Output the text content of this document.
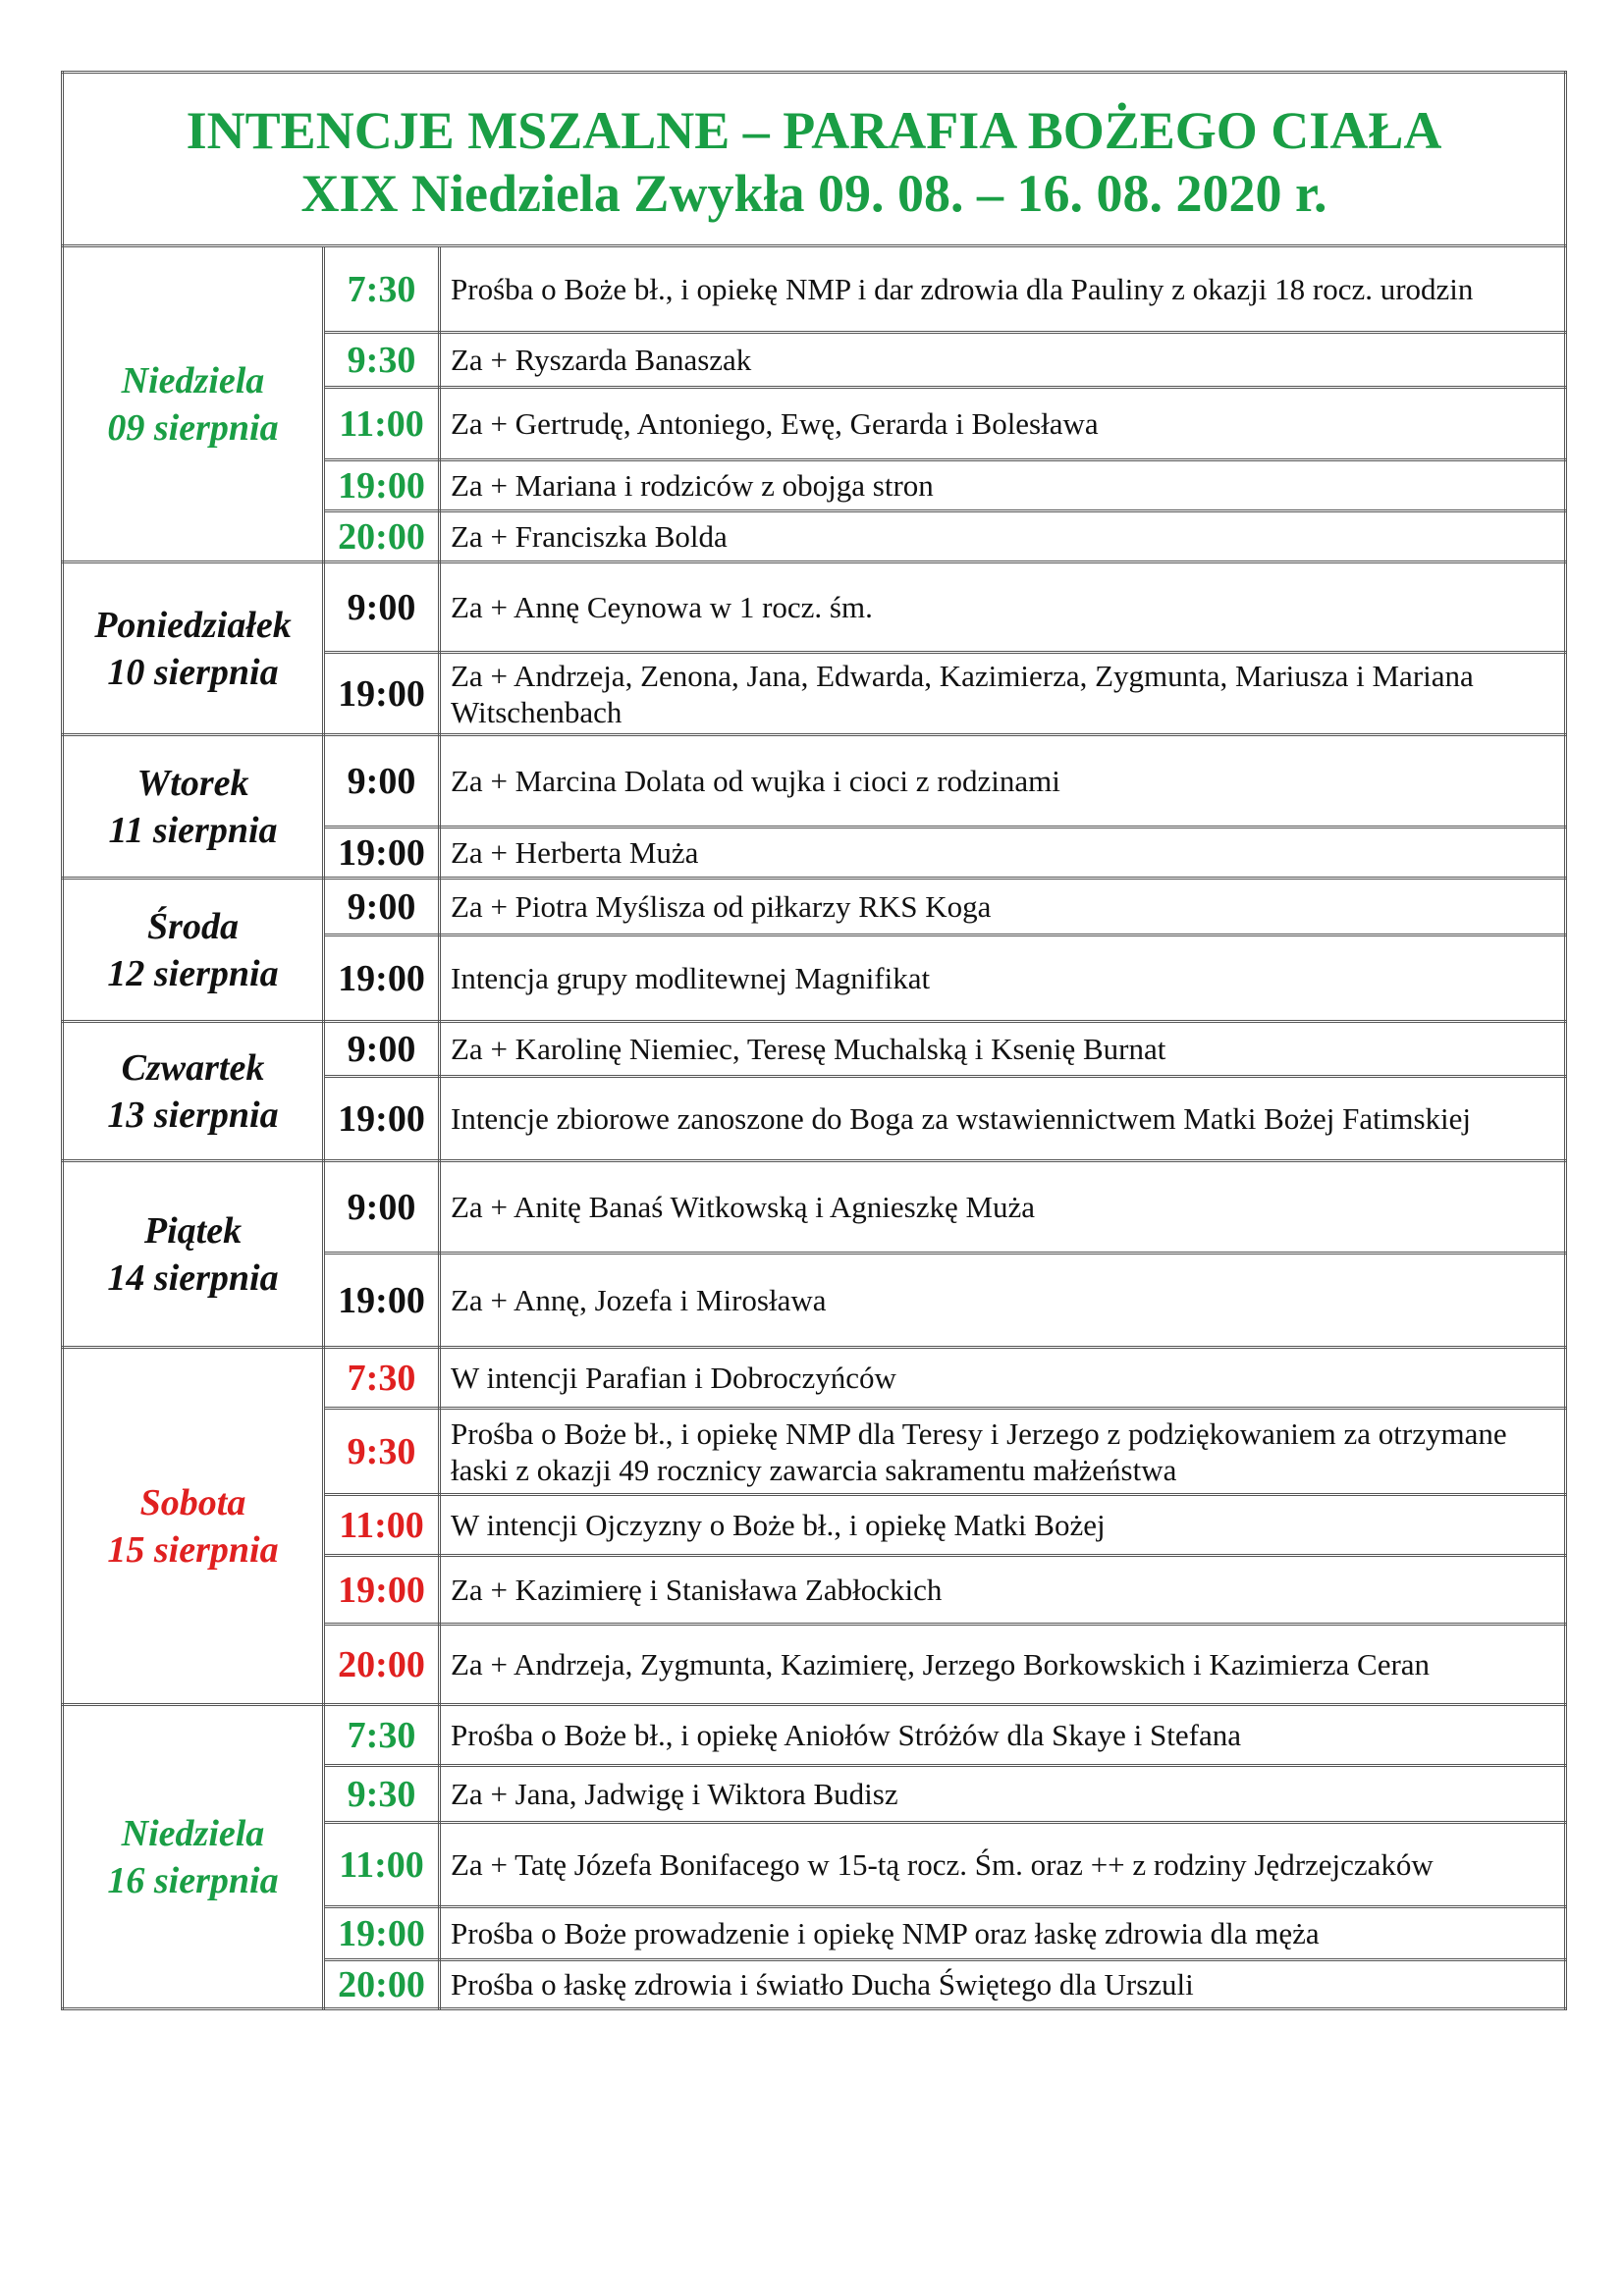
INTENCJE MSZALNE – PARAFIA BOŻEGO CIAŁA
XIX Niedziela Zwykła 09. 08. – 16. 08. 2020 r.		

Niedziela
09 sierpnia	7:30	Prośba o Boże bł., i opiekę NMP i dar zdrowia dla Pauliny z okazji 18 rocz. urodzin
	9:30	Za + Ryszarda Banaszak
	11:00	Za + Gertrudę, Antoniego, Ewę, Gerarda i Bolesława
	19:00	Za + Mariana i rodziców z obojga stron
	20:00	Za + Franciszka Bolda

Poniedziałek
10 sierpnia	9:00	Za + Annę Ceynowa w 1 rocz. śm.
	19:00	Za + Andrzeja, Zenona, Jana, Edwarda, Kazimierza, Zygmunta, Mariusza i Mariana Witschenbach

Wtorek
11 sierpnia	9:00	Za + Marcina Dolata od wujka i cioci z rodzinami
	19:00	Za + Herberta Muża

Środa
12 sierpnia	9:00	Za + Piotra Myślisza od piłkarzy RKS Koga
	19:00	Intencja grupy modlitewnej Magnifikat

Czwartek
13 sierpnia	9:00	Za + Karolinę Niemiec, Teresę Muchalską i Ksenię Burnat
	19:00	Intencje zbiorowe zanoszone do Boga za wstawiennictwem Matki Bożej Fatimskiej

Piątek
14 sierpnia	9:00	Za + Anitę Banaś Witkowską i Agnieszkę Muża
	19:00	Za + Annę, Jozefa i Mirosława

Sobota
15 sierpnia	7:30	W intencji Parafian i Dobroczyńców
	9:30	Prośba o Boże bł., i opiekę NMP dla Teresy i Jerzego z podziękowaniem za otrzymane łaski z okazji 49 rocznicy zawarcia sakramentu małżeństwa
	11:00	W intencji Ojczyzny o Boże bł., i opiekę Matki Bożej
	19:00	Za + Kazimierę i Stanisława Zabłockich
	20:00	Za + Andrzeja, Zygmunta, Kazimierę, Jerzego Borkowskich i Kazimierza Ceran

Niedziela
16 sierpnia	7:30	Prośba o Boże bł., i opiekę Aniołów Stróżów dla Skaye i Stefana
	9:30	Za + Jana, Jadwigę i Wiktora Budisz
	11:00	Za + Tatę Józefa Bonifacego w 15-tą rocz. Śm. oraz ++ z rodziny Jędrzejczaków
	19:00	Prośba o Boże prowadzenie i opiekę NMP oraz łaskę zdrowia dla męża
	20:00	Prośba o łaskę zdrowia i światło Ducha Świętego dla Urszuli
